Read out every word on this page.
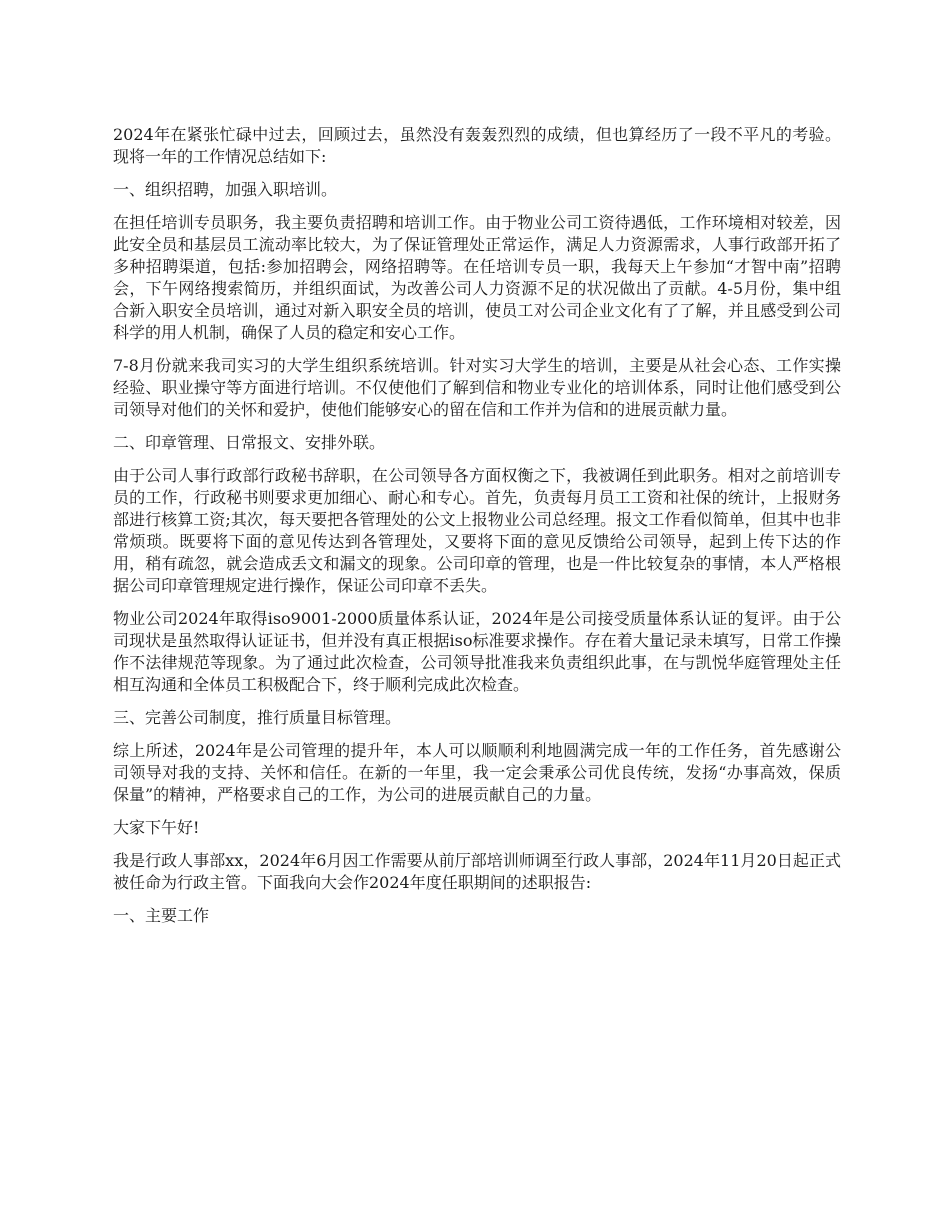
2024年在紧张忙碌中过去，回顾过去，虽然没有轰轰烈烈的成绩，但也算经历了一段不平凡的考验。现将一年的工作情况总结如下:

一、组织招聘，加强入职培训。

在担任培训专员职务，我主要负责招聘和培训工作。由于物业公司工资待遇低，工作环境相对较差，因此安全员和基层员工流动率比较大，为了保证管理处正常运作，满足人力资源需求，人事行政部开拓了多种招聘渠道，包括:参加招聘会，网络招聘等。在任培训专员一职，我每天上午参加“才智中南”招聘会，下午网络搜索简历，并组织面试，为改善公司人力资源不足的状况做出了贡献。4-5月份，集中组合新入职安全员培训，通过对新入职安全员的培训，使员工对公司企业文化有了了解，并且感受到公司科学的用人机制，确保了人员的稳定和安心工作。

7-8月份就来我司实习的大学生组织系统培训。针对实习大学生的培训，主要是从社会心态、工作实操经验、职业操守等方面进行培训。不仅使他们了解到信和物业专业化的培训体系，同时让他们感受到公司领导对他们的关怀和爱护，使他们能够安心的留在信和工作并为信和的进展贡献力量。

二、印章管理、日常报文、安排外联。

由于公司人事行政部行政秘书辞职，在公司领导各方面权衡之下，我被调任到此职务。相对之前培训专员的工作，行政秘书则要求更加细心、耐心和专心。首先，负责每月员工工资和社保的统计，上报财务部进行核算工资;其次，每天要把各管理处的公文上报物业公司总经理。报文工作看似简单，但其中也非常烦琐。既要将下面的意见传达到各管理处，又要将下面的意见反馈给公司领导，起到上传下达的作用，稍有疏忽，就会造成丢文和漏文的现象。公司印章的管理，也是一件比较复杂的事情，本人严格根据公司印章管理规定进行操作，保证公司印章不丢失。

物业公司2024年取得iso9001-2000质量体系认证，2024年是公司接受质量体系认证的复评。由于公司现状是虽然取得认证证书，但并没有真正根据iso标准要求操作。存在着大量记录未填写，日常工作操作不法律规范等现象。为了通过此次检查，公司领导批准我来负责组织此事，在与凯悦华庭管理处主任相互沟通和全体员工积极配合下，终于顺利完成此次检查。

三、完善公司制度，推行质量目标管理。

综上所述，2024年是公司管理的提升年，本人可以顺顺利利地圆满完成一年的工作任务，首先感谢公司领导对我的支持、关怀和信任。在新的一年里，我一定会秉承公司优良传统，发扬“办事高效，保质保量”的精神，严格要求自己的工作，为公司的进展贡献自己的力量。

大家下午好!

我是行政人事部xx，2024年6月因工作需要从前厅部培训师调至行政人事部，2024年11月20日起正式被任命为行政主管。下面我向大会作2024年度任职期间的述职报告:

一、主要工作
